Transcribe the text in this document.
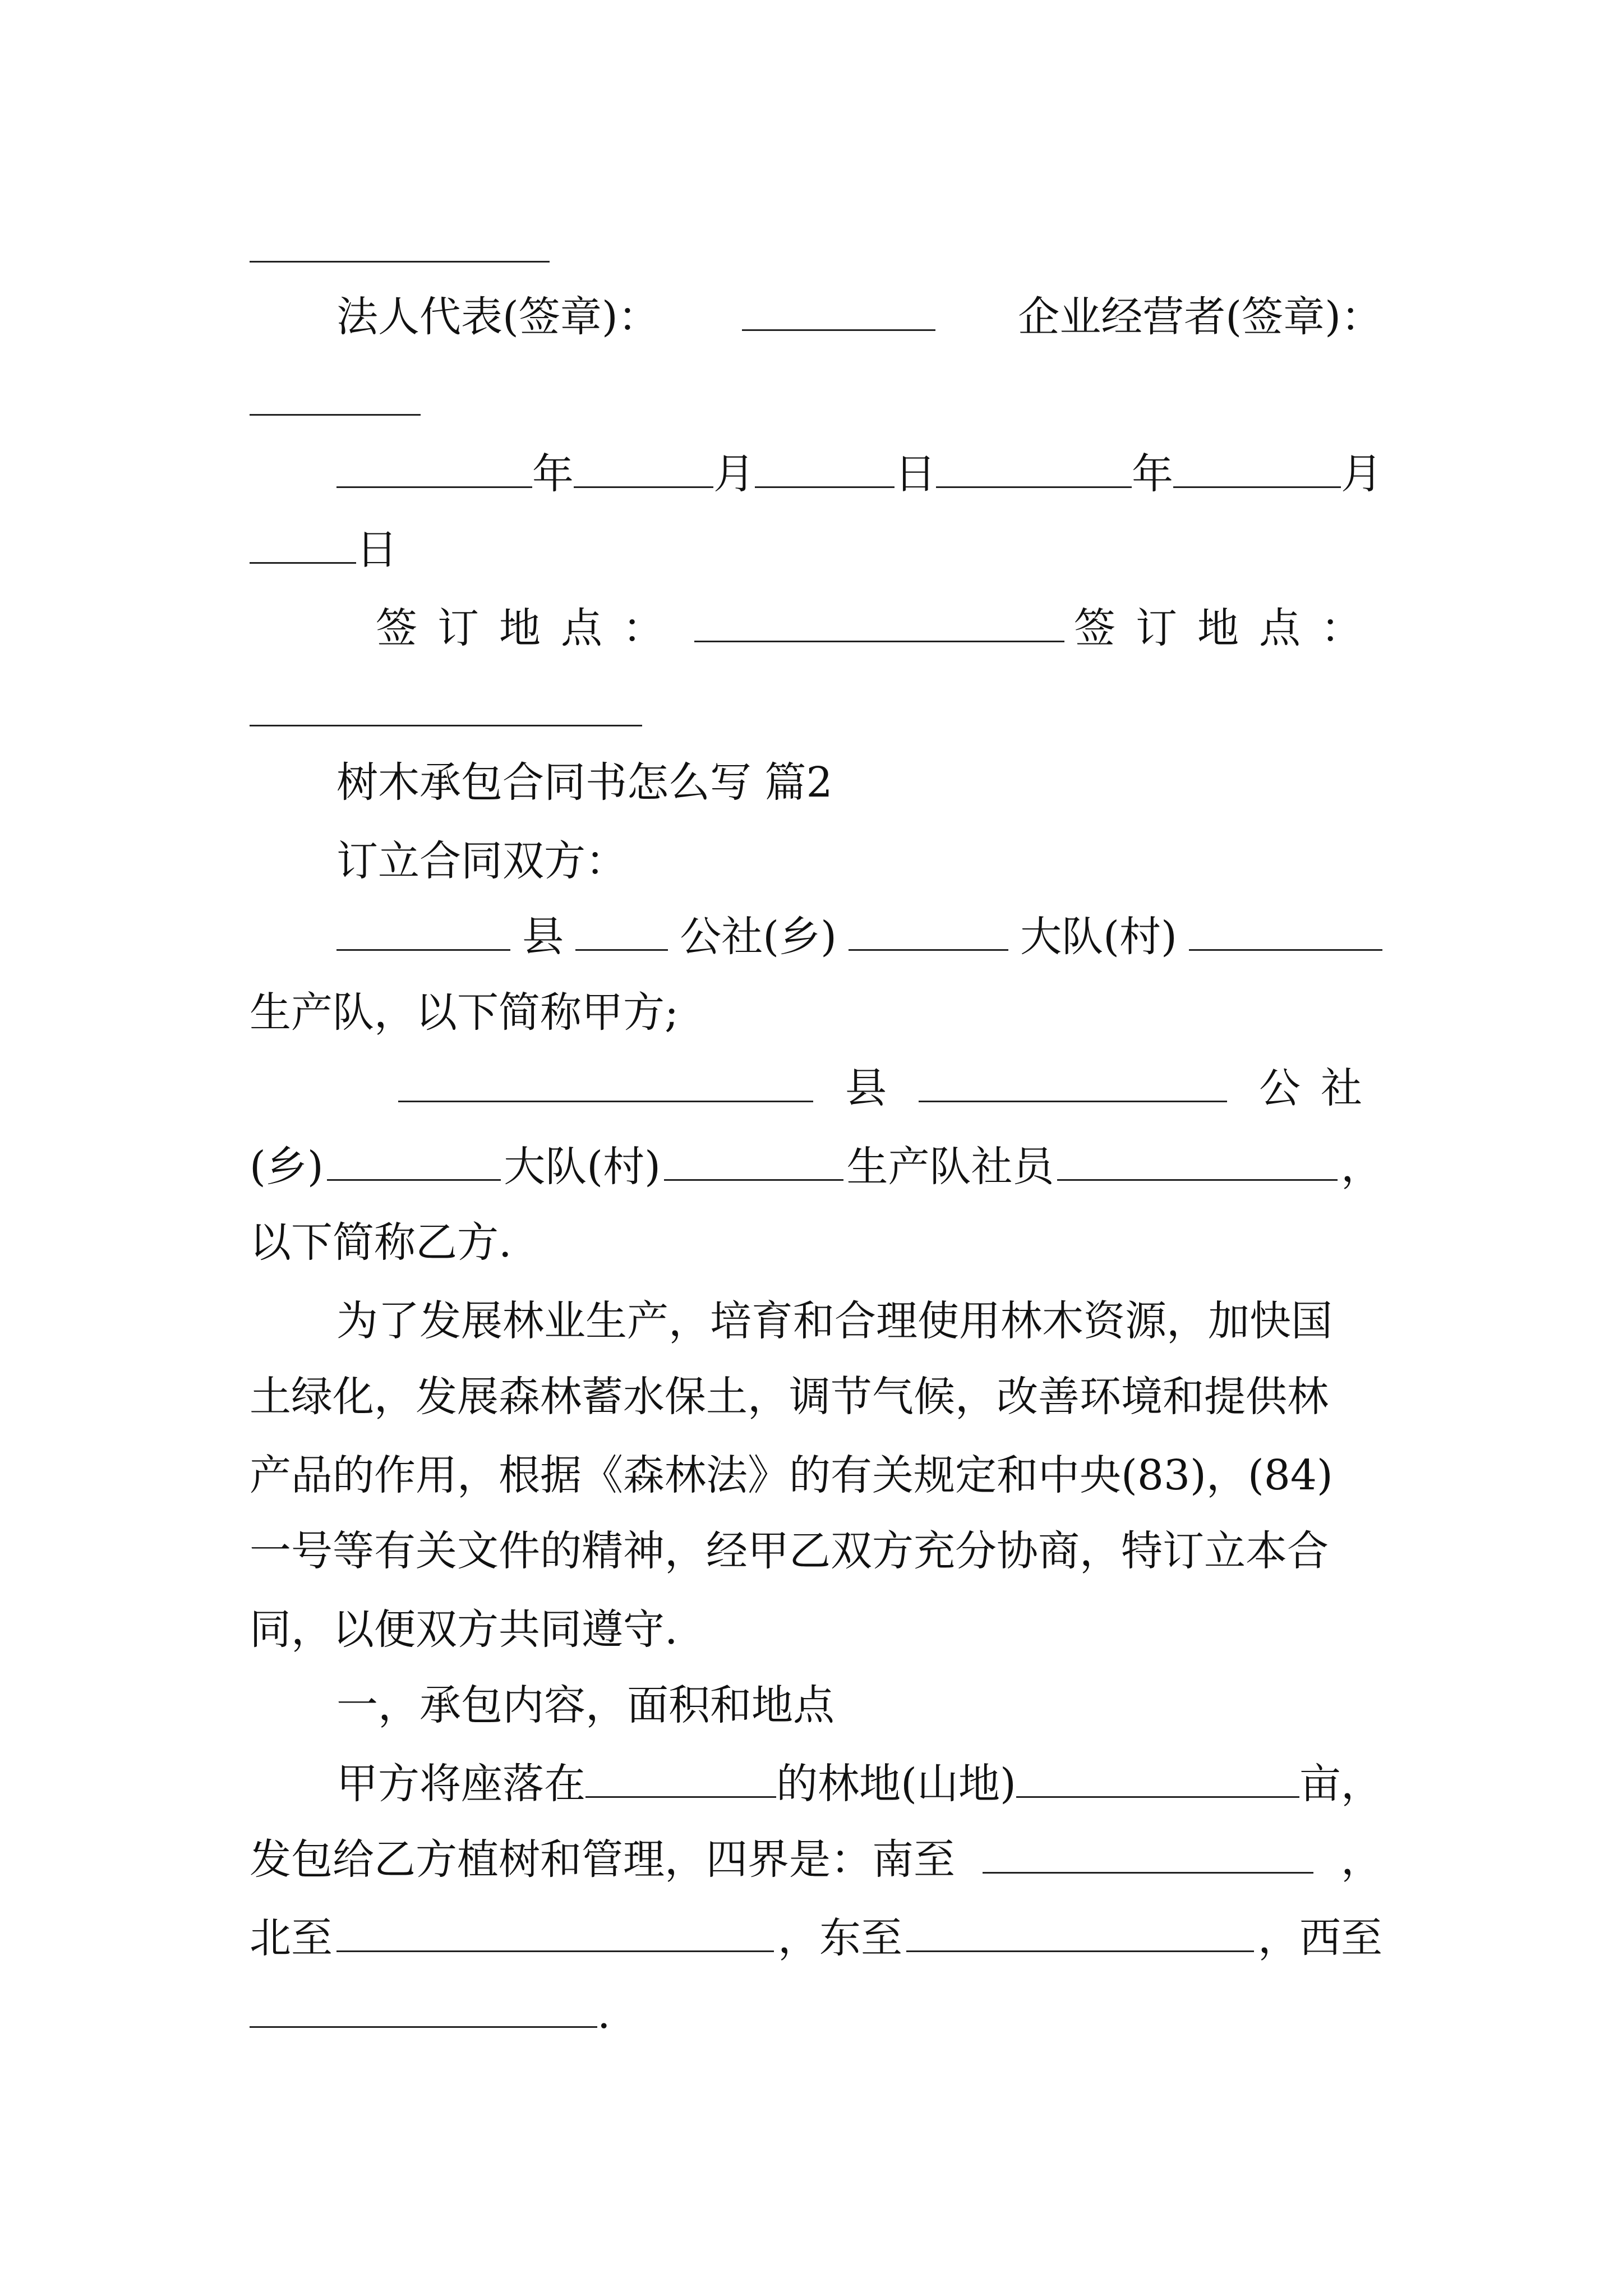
法人代表(签章)：	企业经营者(签章)：
年	月	日	年	月
日
签订地点：	签订地点：
树木承包合同书怎么写 篇2
订立合同双方：
县	公社(乡)	大队(村)
生产队，以下简称甲方;
县	公社
(乡)	大队(村)	生产队社员	，
以下简称乙方.
为了发展林业生产，培育和合理使用林木资源，加快国
土绿化，发展森林蓄水保土，调节气候，改善环境和提供林
产品的作用，根据《森林法》的有关规定和中央(83)，(84)
一号等有关文件的精神，经甲乙双方充分协商，特订立本合
同，以便双方共同遵守.
一，承包内容，面积和地点
甲方将座落在	的林地(山地)	亩，
发包给乙方植树和管理，四界是：南至	，
北至	，东至	，西至
.
